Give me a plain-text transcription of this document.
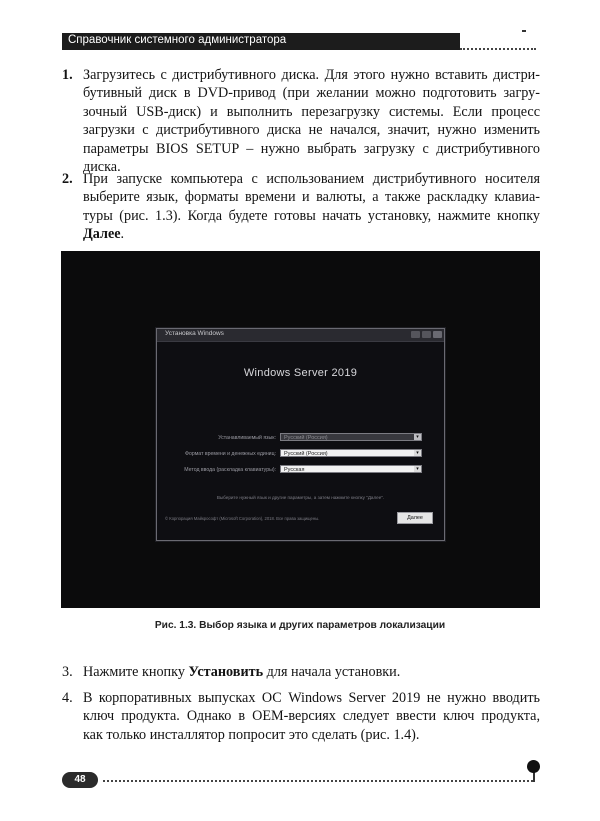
Справочник системного администратора
1. Загрузитесь с дистрибутивного диска. Для этого нужно вставить дистри-
бутивный диск в DVD-привод (при желании можно подготовить загру-
зочный USB-диск) и выполнить перезагрузку системы. Если процесс
загрузки с дистрибутивного диска не начался, значит, нужно изменить
параметры BIOS SETUP – нужно выбрать загрузку с дистрибутивного
диска.
2. При запуске компьютера с использованием дистрибутивного носителя
выберите язык, форматы времени и валюты, а также раскладку клавиа-
туры (рис. 1.3). Когда будете готовы начать установку, нажмите кнопку
Далее.
Установка Windows
Windows Server 2019
Устанавливаемый язык:	Русский (Россия)	▾
Формат времени и денежных единиц:	Русский (Россия)	▾
Метод ввода (раскладка клавиатуры):	Русская	▾
Выберите нужный язык и другие параметры, а затем нажмите кнопку "Далее".
© Корпорация Майкрософт (Microsoft Corporation), 2018. Все права защищены.	Далее
Рис. 1.3. Выбор языка и других параметров локализации
3. Нажмите кнопку Установить для начала установки.
4. В корпоративных выпусках ОС Windows Server 2019 не нужно вводить
ключ продукта. Однако в OEM-версиях следует ввести ключ продукта,
как только инсталлятор попросит это сделать (рис. 1.4).
48
